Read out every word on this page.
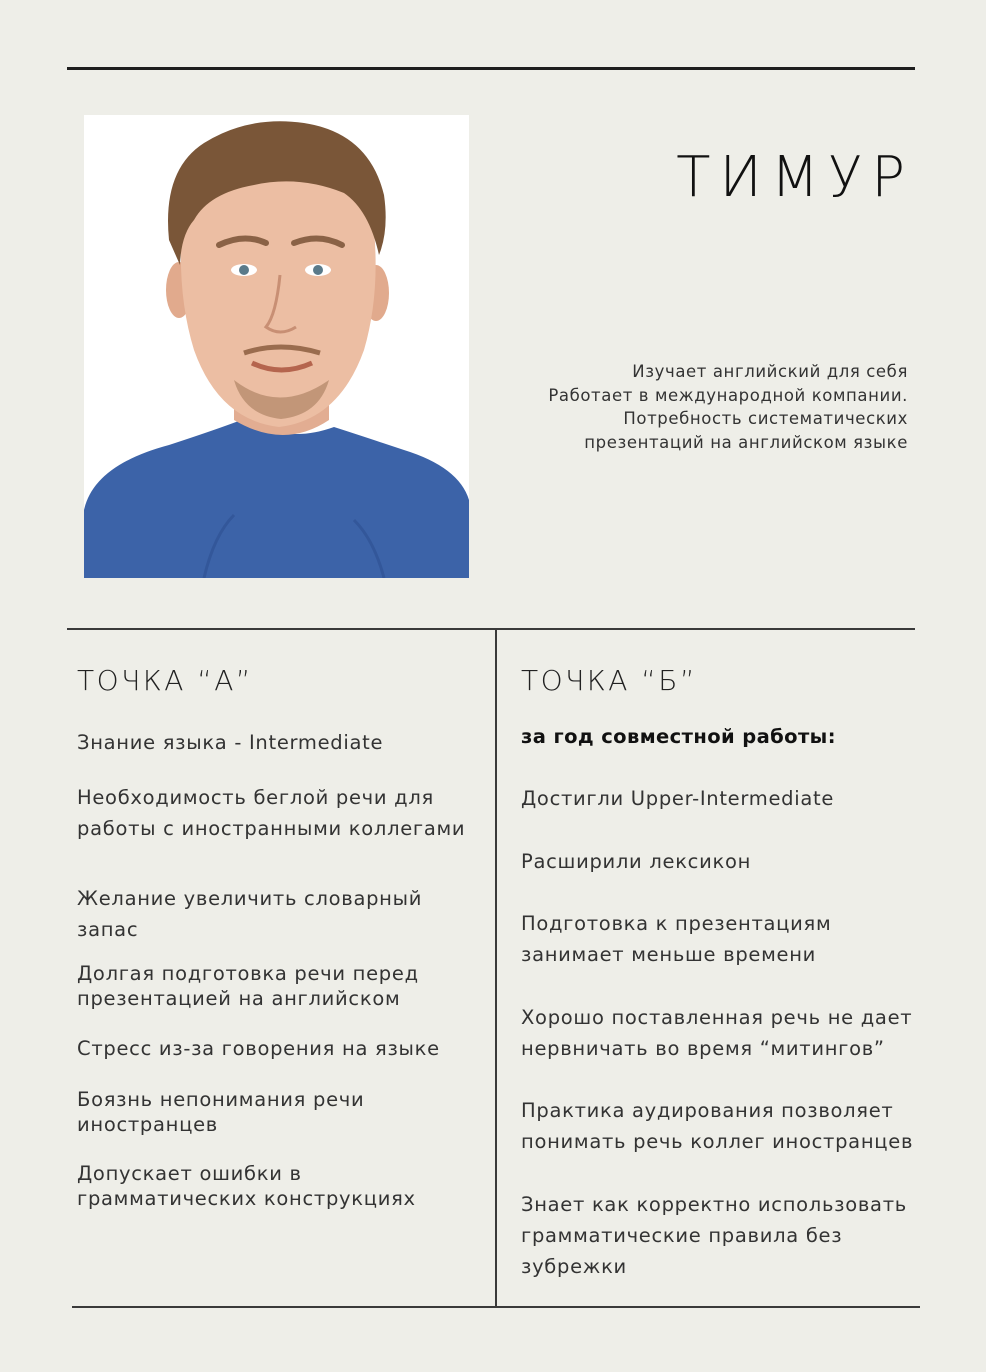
ТИМУР
Изучает английский для себя
Работает в международной компании.
Потребность систематических
презентаций на английском языке
ТОЧКА “А”
Знание языка - Intermediate
Необходимость беглой речи для работы с иностранными коллегами
Желание увеличить словарный запас
Долгая подготовка речи перед презентацией на английском
Стресс из-за говорения на языке
Боязнь непонимания речи иностранцев
Допускает ошибки в грамматических конструкциях
ТОЧКА “Б”
за год совместной работы:
Достигли Upper-Intermediate
Расширили лексикон
Подготовка к презентациям занимает меньше времени
Хорошо поставленная речь не дает нервничать во время “митингов”
Практика аудирования позволяет понимать речь коллег иностранцев
Знает как корректно использовать грамматические правила без зубрежки
